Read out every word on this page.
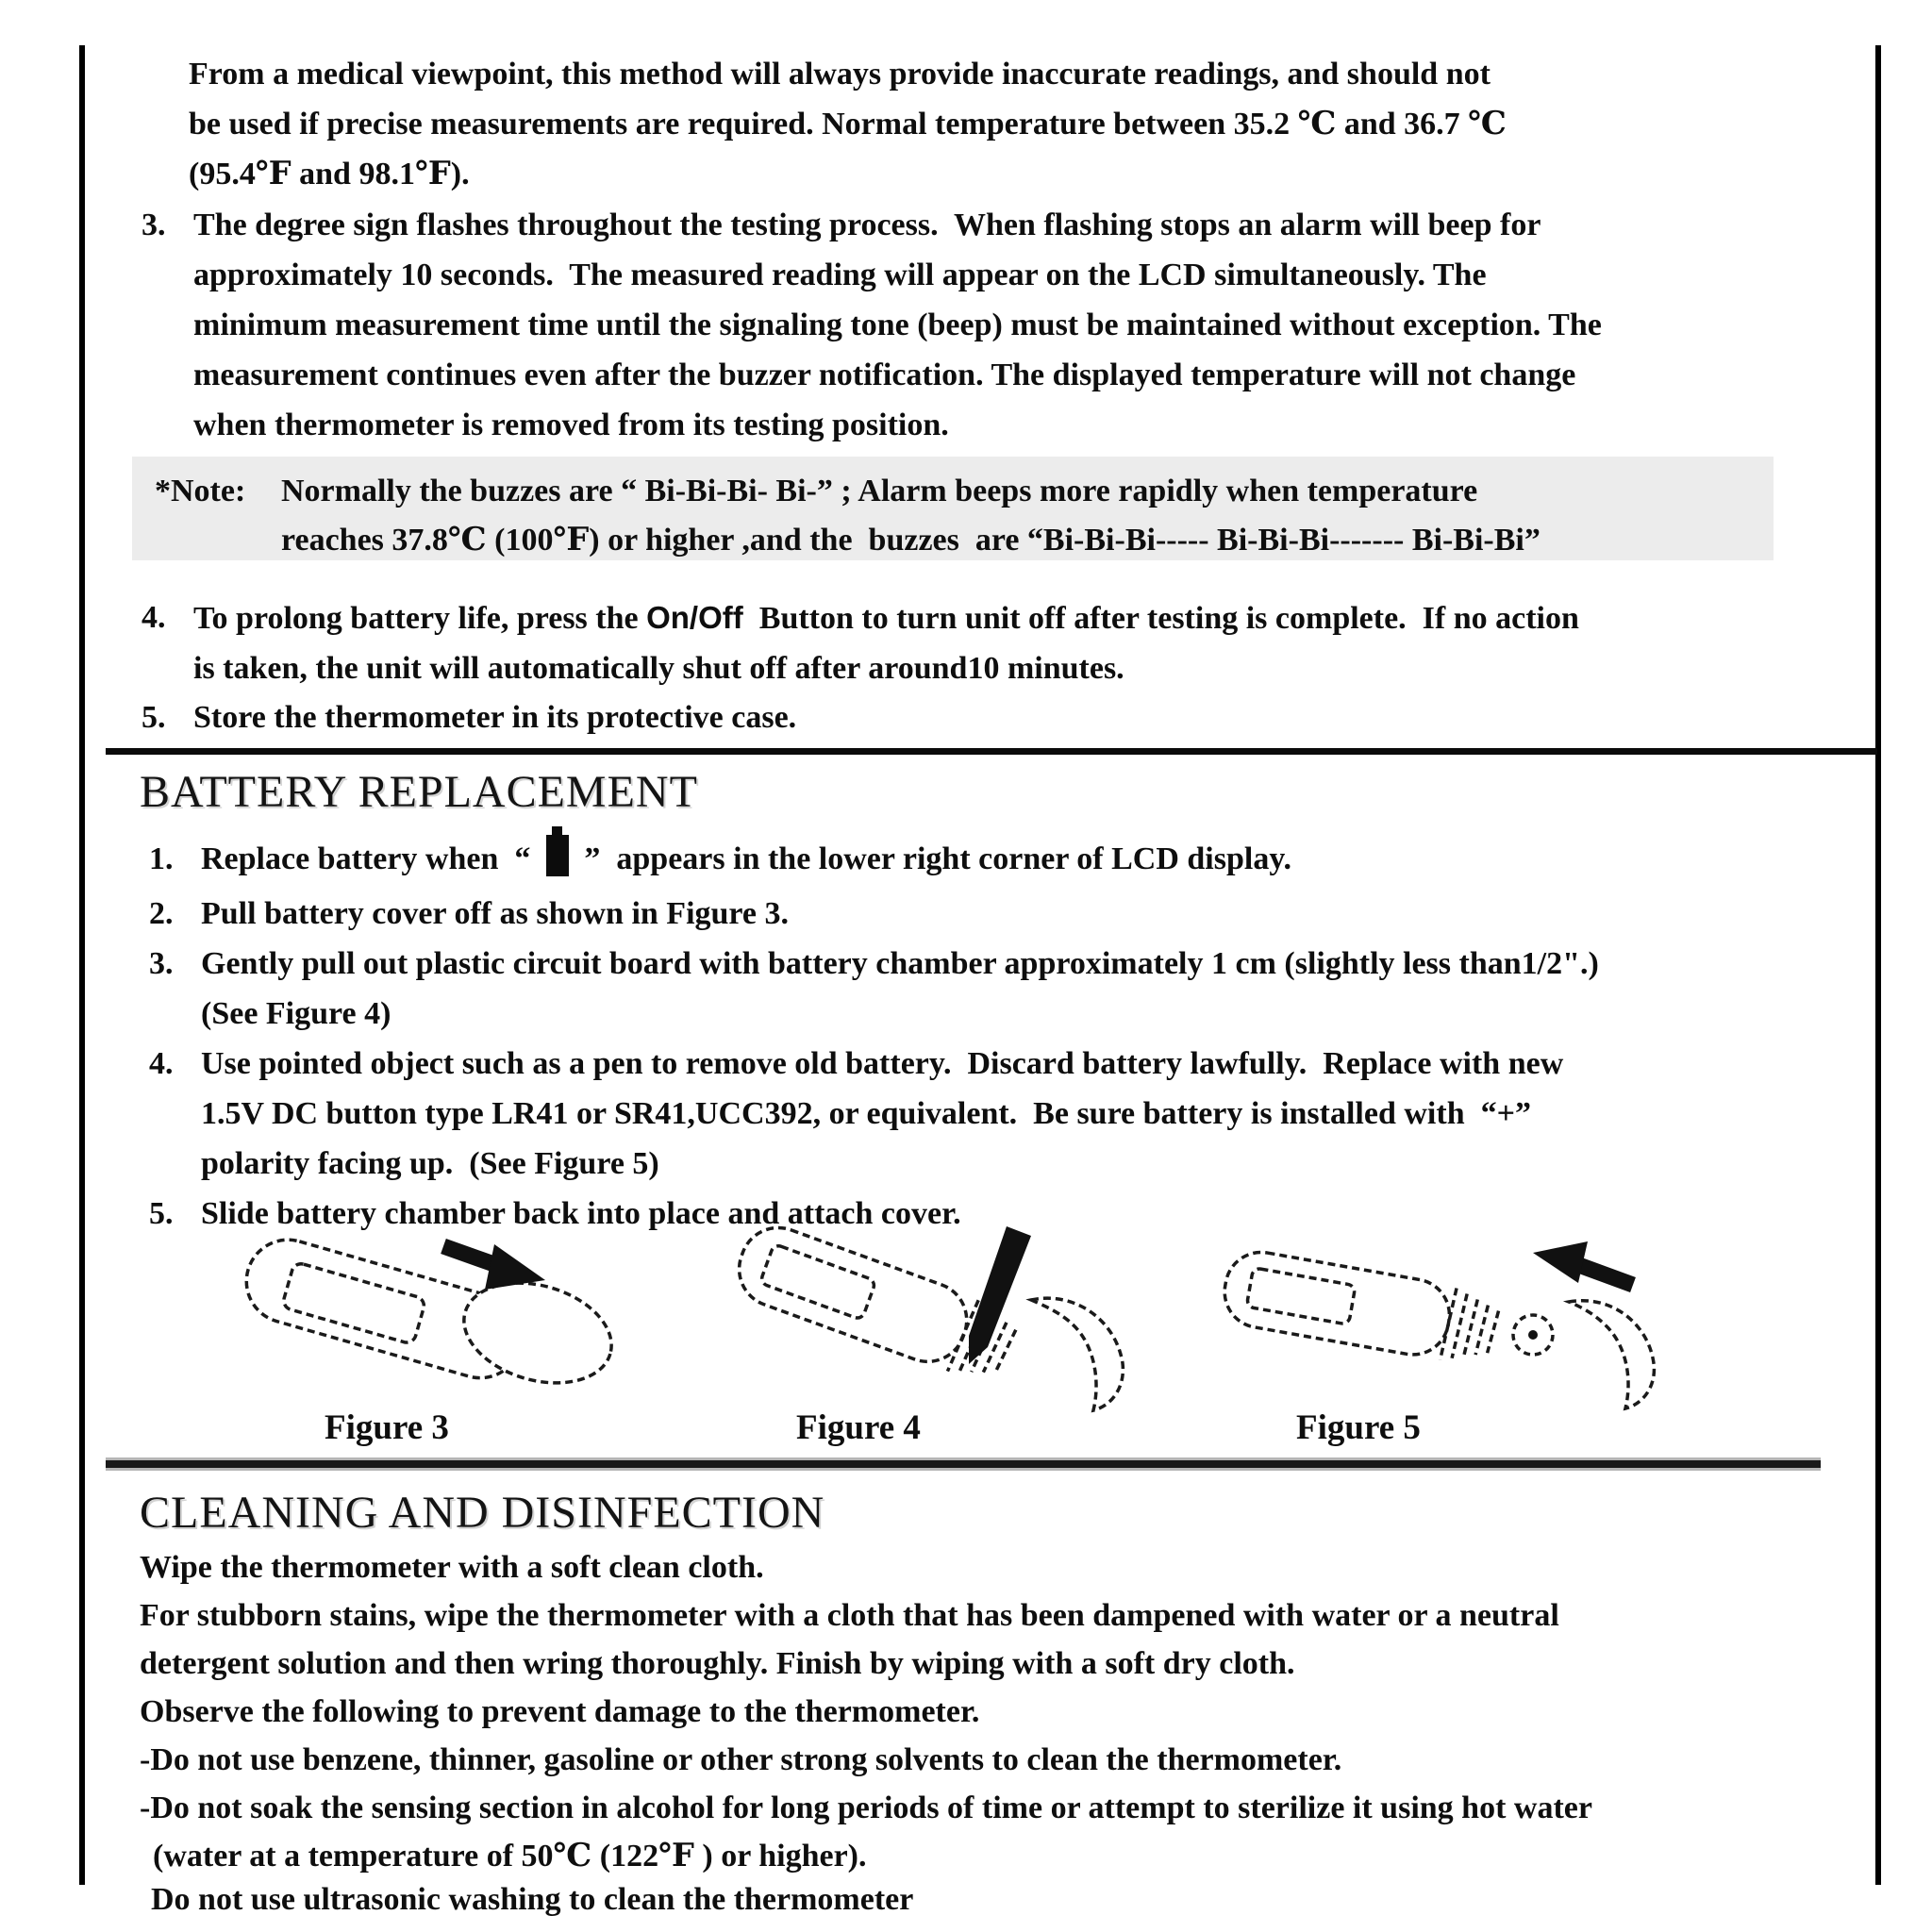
From a medical viewpoint, this method will always provide inaccurate readings, and should not
be used if precise measurements are required. Normal temperature between 35.2 ℃ and 36.7 ℃
(95.4℉ and 98.1℉).
3. The degree sign flashes throughout the testing process.  When flashing stops an alarm will beep for
approximately 10 seconds.  The measured reading will appear on the LCD simultaneously. The
minimum measurement time until the signaling tone (beep) must be maintained without exception. The
measurement continues even after the buzzer notification. The displayed temperature will not change
when thermometer is removed from its testing position.
*Note: Normally the buzzes are “ Bi-Bi-Bi- Bi-” ; Alarm beeps more rapidly when temperature
reaches 37.8℃ (100℉) or higher ,and the  buzzes  are “Bi-Bi-Bi----- Bi-Bi-Bi------- Bi-Bi-Bi”
4. To prolong battery life, press the On/Off  Button to turn unit off after testing is complete.  If no action
is taken, the unit will automatically shut off after around10 minutes.
5. Store the thermometer in its protective case.
BATTERY REPLACEMENT
1. Replace battery when  “  ”  appears in the lower right corner of LCD display.
2. Pull battery cover off as shown in Figure 3.
3. Gently pull out plastic circuit board with battery chamber approximately 1 cm (slightly less than1/2".)
(See Figure 4)
4. Use pointed object such as a pen to remove old battery.  Discard battery lawfully.  Replace with new
1.5V DC button type LR41 or SR41,UCC392, or equivalent.  Be sure battery is installed with  “+”
polarity facing up.  (See Figure 5)
5. Slide battery chamber back into place and attach cover.
Figure 3	Figure 4	Figure 5
CLEANING AND DISINFECTION
Wipe the thermometer with a soft clean cloth.
For stubborn stains, wipe the thermometer with a cloth that has been dampened with water or a neutral
detergent solution and then wring thoroughly. Finish by wiping with a soft dry cloth.
Observe the following to prevent damage to the thermometer.
-Do not use benzene, thinner, gasoline or other strong solvents to clean the thermometer.
-Do not soak the sensing section in alcohol for long periods of time or attempt to sterilize it using hot water
(water at a temperature of 50℃ (122℉ ) or higher).
Do not use ultrasonic washing to clean the thermometer
